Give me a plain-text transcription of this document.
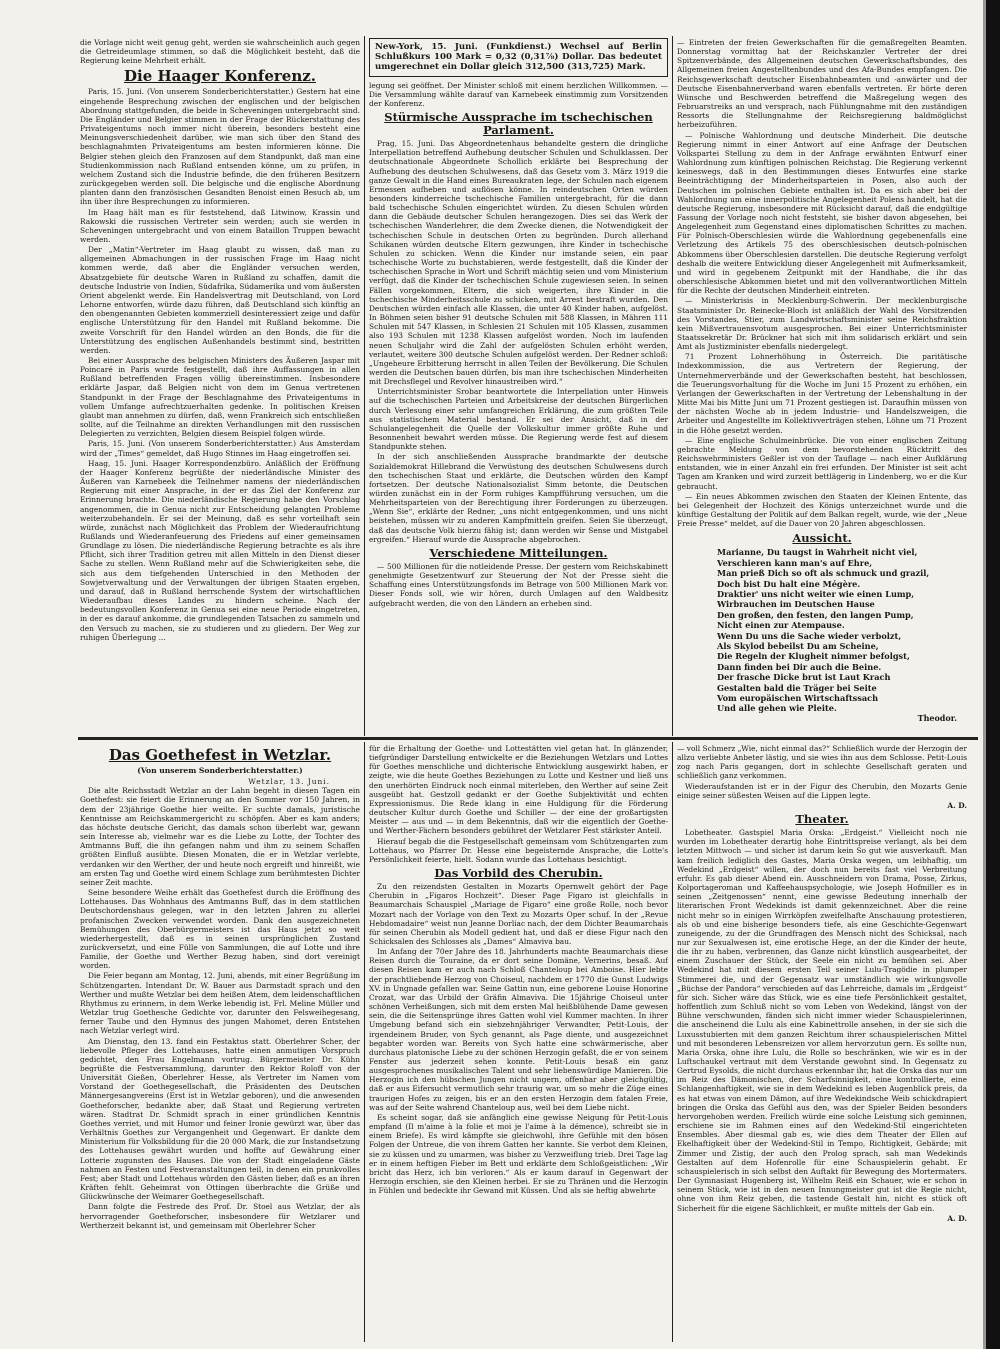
die Vorlage nicht weit genug geht, werden sie wahrscheinlich auch gegen die Getreideumlage stimmen, so daß die Möglichkeit besteht, daß die Regierung keine Mehrheit erhält.

Die Haager Konferenz.

Paris, 15. Juni. (Von unserem Sonderberichterstatter.) Gestern hat eine eingehende Besprechung zwischen der englischen und der belgischen Abordnung stattgefunden, die beide in Scheveningen untergebracht sind. Die Engländer und Belgier stimmen in der Frage der Rückerstattung des Privateigentums noch immer nicht überein, besonders besteht eine Meinungsverschiedenheit darüber, wie man sich über den Stand des beschlagnahmten Privateigentums am besten informieren könne. Die Belgier stehen gleich den Franzosen auf dem Standpunkt, daß man eine Studienkommission nach Rußland entsenden könne, um zu prüfen, in welchem Zustand sich die Industrie befinde, die den früheren Besitzern zurückgegeben werden soll. Die belgische und die englische Abordnung planten dann den französischen Gesandten Benoist einen Besuch ab, um ihn über ihre Besprechungen zu informieren.

Im Haag hält man es für feststehend, daß Litwinow, Krassin und Rakowski die russischen Vertreter sein werden; auch sie werden in Scheveningen untergebracht und von einem Bataillon Truppen bewacht werden.

Der „Matin“-Vertreter im Haag glaubt zu wissen, daß man zu allgemeinen Abmachungen in der russischen Frage im Haag nicht kommen werde, daß aber die Engländer versuchen werden, Absatzgebiete für deutsche Waren in Rußland zu schaffen, damit die deutsche Industrie von Indien, Südafrika, Südamerika und vom äußersten Orient abgelenkt werde. Ein Handelsvertrag mit Deutschland, von Lord Lehorne entworfen, würde dazu führen, daß Deutschland sich künftig an den obengenannten Gebieten kommerziell desinteressiert zeige und dafür englische Unterstützung für den Handel mit Rußland bekomme. Die zweite Vorschrift für den Handel würden an den Bonds, die für die Unterstützung des englischen Außenhandels bestimmt sind, bestritten werden.

Bei einer Aussprache des belgischen Ministers des Äußeren Jaspar mit Poincaré in Paris wurde festgestellt, daß ihre Auffassungen in allen Rußland betreffenden Fragen völlig übereinstimmen. Insbesondere erklärte Jaspar, daß Belgien nicht von dem im Genua vertretenen Standpunkt in der Frage der Beschlagnahme des Privateigentums in vollem Umfange aufrechtzuerhalten gedenke. In politischen Kreisen glaubt man annehmen zu dürfen, daß, wenn Frankreich sich entschließen sollte, auf die Teilnahme an direkten Verhandlungen mit den russischen Delegierten zu verzichten, Belgien diesem Beispiel folgen würde.

Paris, 15. Juni. (Von unserem Sonderberichterstatter.) Aus Amsterdam wird der „Times“ gemeldet, daß Hugo Stinnes im Haag eingetroffen sei.

Haag, 15. Juni. Haager Korrespondenzbüro. Anläßlich der Eröffnung der Haager Konferenz begrüßte der niederländische Minister des Äußeren van Karnebeek die Teilnehmer namens der niederländischen Regierung mit einer Ansprache, in der er das Ziel der Konferenz zur Erinnerung brachte. Die niederländische Regierung habe den Vorschlag angenommen, die in Genua nicht zur Entscheidung gelangten Probleme weiterzubehandeln. Er sei der Meinung, daß es sehr vorteilhaft sein würde, zunächst nach Möglichkeit das Problem der Wiederaufrichtung Rußlands und Wiederanfeuerung des Friedens auf einer gemeinsamen Grundlage zu lösen. Die niederländische Regierung betrachte es als ihre Pflicht, sich ihrer Tradition getreu mit allen Mitteln in den Dienst dieser Sache zu stellen. Wenn Rußland mehr auf die Schwierigkeiten sehe, die sich aus dem tiefgehenden Unterschied in den Methoden der Sowjetverwaltung und der Verwaltungen der übrigen Staaten ergeben, und darauf, daß in Rußland herrschende System der wirtschaftlichen Wiederaufbau dieses Landes zu hindern scheine. Nach der bedeutungsvollen Konferenz in Genua sei eine neue Periode eingetreten, in der es darauf ankomme, die grundlegenden Tatsachen zu sammeln und den Versuch zu machen, sie zu studieren und zu gliedern. Der Weg zur ruhigen Überlegung ...

New-York, 15. Juni. (Funkdienst.) Wechsel auf Berlin Schlußkurs 100 Mark = 0,32 (0,31⅞) Dollar. Das bedeutet umgerechnet ein Dollar gleich 312,500 (313,725) Mark.

legung sei geöffnet. Der Minister schloß mit einem herzlichen Willkommen. — Die Versammlung wählte darauf van Karnebeek einstimmig zum Vorsitzenden der Konferenz.

Stürmische Aussprache im tschechischen Parlament.

Prag, 15. Juni. Das Abgeordnetenhaus behandelte gestern die dringliche Interpellation betreffend Aufhebung deutscher Schulen und Schulklassen. Der deutschnationale Abgeordnete Schollich erklärte bei Besprechung der Aufhebung des deutschen Schulwesens, daß das Gesetz vom 3. März 1919 die ganze Gewalt in die Hand eines Bureaukraten lege, der Schulen nach eigenem Ermessen aufheben und auflösen könne. In reindeutschen Orten würden besonders kinderreiche tschechische Familien untergebracht, für die dann bald tschechische Schulen eingerichtet würden. Zu diesen Schulen würden dann die Gebäude deutscher Schulen herangezogen. Dies sei das Werk der tschechischen Wanderlehrer, die dem Zwecke dienen, die Notwendigkeit der tschechischen Schule in deutschen Orten zu begründen. Durch allerhand Schikanen würden deutsche Eltern gezwungen, ihre Kinder in tschechische Schulen zu schicken. Wenn die Kinder nur imstande seien, ein paar tschechische Worte zu buchstabieren, werde festgestellt, daß die Kinder der tschechischen Sprache in Wort und Schrift mächtig seien und vom Ministerium verfügt, daß die Kinder der tschechischen Schule zugewiesen seien. In seinen Fällen vorgekommen, Eltern, die sich weigerten, ihre Kinder in die tschechische Minderheitsschule zu schicken, mit Arrest bestraft wurden. Den Deutschen würden einfach alle Klassen, die unter 40 Kinder haben, aufgelöst. In Böhmen seien bisher 91 deutsche Schulen mit 588 Klassen, in Mähren 111 Schulen mit 547 Klassen, in Schlesien 21 Schulen mit 105 Klassen, zusammen also 193 Schulen mit 1238 Klassen aufgelöst worden. Noch im laufenden neuen Schuljahr wird die Zahl der aufgelösten Schulen erhöht werden, verlautet, weitere 300 deutsche Schulen aufgelöst werden. Der Redner schloß: „Ungeheure Erbitterung herrscht in allen Teilen der Bevölkerung. Die Schulen werden die Deutschen bauen dürfen, bis man ihre tschechischen Minderheiten mit Drechsflegel und Revolver hinaustreiben wird.“

Unterrichtsminister Srobar beantwortete die Interpellation unter Hinweis auf die tschechischen Parteien und Arbeitskreise der deutschen Bürgerlichen durch Verlesung einer sehr umfangreichen Erklärung, die zum größten Teile aus statistischem Material bestand. Er sei der Ansicht, daß in der Schulangelegenheit die Quelle der Volkskultur immer größte Ruhe und Besonnenheit bewahrt werden müsse. Die Regierung werde fest auf diesem Standpunkte stehen.

In der sich anschließenden Aussprache brandmarkte der deutsche Sozialdemokrat Hillebrand die Verwüstung des deutschen Schulwesens durch den tschechischen Staat und erklärte, die Deutschen würden den Kampf fortsetzen. Der deutsche Nationalsozialist Simm betonte, die Deutschen würden zunächst ein in der Form ruhiges Kampfführung versuchen, um die Mehrheitsparteien von der Berechtigung ihrer Forderungen zu überzeugen. „Wenn Sie“, erklärte der Redner, „uns nicht entgegenkommen, und uns nicht beistehen, müssen wir zu anderen Kampfmitteln greifen. Seien Sie überzeugt, daß das deutsche Volk hierzu fähig ist; dann werden wir Sense und Mistgabel ergreifen.“ Hierauf wurde die Aussprache abgebrochen.

Verschiedene Mitteilungen.

— 500 Millionen für die notleidende Presse. Der gestern vom Reichskabinett genehmigte Gesetzentwurf zur Steuerung der Not der Presse sieht die Schaffung eines Unterstützungsfonds im Betrage von 500 Millionen Mark vor. Dieser Fonds soll, wie wir hören, durch Umlagen auf den Waldbesitz aufgebracht werden, die von den Ländern an erheben sind.

— Eintreten der freien Gewerkschaften für die gemaßregelten Beamten. Donnerstag vormittag hat der Reichskanzler Vertreter der drei Spitzenverbände, des Allgemeinen deutschen Gewerkschaftsbundes, des Allgemeinen freien Angestelltenbundes und des Afa-Bundes empfangen. Die Reichsgewerkschaft deutscher Eisenbahnbeamten und -anwärter und der Deutsche Eisenbahnerverband waren ebenfalls vertreten. Er hörte deren Wünsche und Beschwerden betreffend die Maßregelung wegen des Februarstreiks an und versprach, nach Fühlungnahme mit den zuständigen Ressorts die Stellungnahme der Reichsregierung baldmöglichst herbeizuführen.

— Polnische Wahlordnung und deutsche Minderheit. Die deutsche Regierung nimmt in einer Antwort auf eine Anfrage der Deutschen Volkspartei Stellung zu dem in der Anfrage erwähnten Entwurf einer Wahlordnung zum künftigen polnischen Reichstag. Die Regierung verkennt keineswegs, daß in den Bestimmungen dieses Entwurfes eine starke Beeinträchtigung der Minderheitsparteien in Posen, also auch der Deutschen im polnischen Gebiete enthalten ist. Da es sich aber bei der Wahlordnung um eine innerpolitische Angelegenheit Polens handelt, hat die deutsche Regierung, insbesondere mit Rücksicht darauf, daß die endgültige Fassung der Vorlage noch nicht feststeht, sie bisher davon abgesehen, bei Angelegenheit zum Gegenstand eines diplomatischen Schrittes zu machen. Für Polnisch-Oberschlesien würde die Wahlordnung gegebenenfalls eine Verletzung des Artikels 75 des oberschlesischen deutsch-polnischen Abkommens über Oberschlesien darstellen. Die deutsche Regierung verfolgt deshalb die weitere Entwicklung dieser Angelegenheit mit Aufmerksamkeit, und wird in gegebenem Zeitpunkt mit der Handhabe, die ihr das oberschlesische Abkommen bietet und mit den vollverantwortlichen Mitteln für die Rechte der deutschen Minderheit eintreten.

— Ministerkrisis in Mecklenburg-Schwerin. Der mecklenburgische Staatsminister Dr. Reinecke-Bloch ist anläßlich der Wahl des Vorsitzenden des Vorstandes, Stier, zum Landwirtschaftsminister seine Reichsfraktion kein Mißvertrauensvotum ausgesprochen. Bei einer Unterrichtsminister Staatssekretär Dr. Brückner hat sich mit ihm solidarisch erklärt und sein Amt als Justizminister ebenfalls niedergelegt.

71 Prozent Lohnerhöhung in Österreich. Die paritätische Indexkommission, die aus Vertretern der Regierung, der Unternehmerverbände und der Gewerkschaften besteht, hat beschlossen, die Teuerungsvorhaltung für die Woche im Juni 15 Prozent zu erhöhen, ein Verlangen der Gewerkschaften in der Vertretung der Lebenshaltung in der Mitte Mai bis Mitte Juni um 71 Prozent gestiegen ist. Daraufhin müssen von der nächsten Woche ab in jedem Industrie- und Handelszweigen, die Arbeiter und Angestellte im Kollektivverträgen stehen, Löhne um 71 Prozent in die Höhe gesetzt werden.

— Eine englische Schulmeinbrücke. Die von einer englischen Zeitung gebrachte Meldung von dem bevorstehenden Rücktritt des Reichswehrministers Geßler ist von der Tauflage — nach einer Aufklärung entstanden, wie in einer Anzahl ein frei erfunden. Der Minister ist seit acht Tagen am Kranken und wird zurzeit bettlägerig in Lindenberg, wo er die Kur gebraucht.

— Ein neues Abkommen zwischen den Staaten der Kleinen Entente, das bei Gelegenheit der Hochzeit des Königs unterzeichnet wurde und die künftige Gestaltung der Politik auf dem Balkan regelt, wurde, wie der „Neue Freie Presse“ meldet, auf die Dauer von 20 Jahren abgeschlossen.

Aussicht.
Marianne, Du taugst in Wahrheit nicht viel,
Verschieren kann man's auf Ehre,
Man prieß Dich so oft als schmuck und grazil,
Doch bist Du halt eine Mégère.
Draktier' uns nicht weiter wie einen Lump,
Wirbrauchen im Deutschen Hause
Den großen, den festen, den langen Pump,
Nicht einen zur Atempause.
Wenn Du uns die Sache wieder verbolzt,
Als Skylod bebeilst Du am Scheine,
Die Regeln der Klugheit nimmer befolgst,
Dann finden bei Dir auch die Beine.
Der frasche Dicke brut ist Laut Krach
Gestalten bald die Träger bei Seite
Vom europäischen Wirtschaftssach
Und alle gehen wie Pleite.
Theodor.
Das Goethefest in Wetzlar.
(Von unserem Sonderberichterstatter.)
Wetzlar, 13. Juni.

Die alte Reichsstadt Wetzlar an der Lahn begeht in diesen Tagen ein Goethefest: sie feiert die Erinnerung an den Sommer vor 150 Jahren, in dem der 23jährige Goethe hier weilte. Er suchte damals, juristische Kenntnisse am Reichskammergericht zu schöpfen. Aber es kam anders; das höchste deutsche Gericht, das damals schon überlebt war, gewann sein Interesse ab, vielmehr war es die Liebe zu Lotte, der Tochter des Amtmanns Buff, die ihn gefangen nahm und ihm zu seinem Schaffen größten Einfluß ausübte. Diesen Monaten, die er in Wetzlar verlebte, verdanken wir den Werther, der und heute noch ergreift und hinreißt, wie am ersten Tag und Goethe wird einem Schlage zum berühmtesten Dichter seiner Zeit machte.

Seine besondere Weihe erhält das Goethefest durch die Eröffnung des Lottehauses. Das Wohnhaus des Amtmanns Buff, das in dem stattlichen Deutschordenshaus gelegen, war in den letzten Jahren zu allerlei profanischen Zwecken verwendet worden. Dank den ausgezeichneten Bemühungen des Oberbürgermeisters ist das Haus jetzt so weit wiederhergestellt, daß es in seinen ursprünglichen Zustand zurückversetzt, und eine Fülle von Sammlungen, die auf Lotte und ihre Familie, der Goethe und Werther Bezug haben, sind dort vereinigt worden.

Die Feier begann am Montag, 12. Juni, abends, mit einer Begrüßung im Schützengarten. Intendant Dr. W. Bauer aus Darmstadt sprach und den Werther und mußte Wetzlar bei dem heißen Atem, dem leidenschaftlichen Rhythmus zu erinnern, in dem Werke lebendig ist. Frl. Meline Müller und Wetzlar trug Goethesche Gedichte vor, darunter den Felsweihegesang, ferner Taube und den Hymnus des jungen Mahomet, deren Entstehen nach Wetzlar verlegt wird.

Am Dienstag, den 13. fand ein Festaktus statt. Oberlehrer Scher, der liebevolle Pfleger des Lottehauses, hatte einen anmutigen Vorspruch gedichtet, den Frau Engelmann vortrug. Bürgermeister Dr. Kühn begrüßte die Festversammlung, darunter den Rektor Roloff von der Universität Gießen, Oberlehrer Hesse, als Vertreter im Namen vom Vorstand der Goethegesellschaft, die Präsidenten des Deutschen Männergesangvereins (Erst ist in Wetzlar geboren), und die anwesenden Goetheforscher, bedankte aber, daß Staat und Regierung vertreten wären. Stadtrat Dr. Schmidt sprach in einer gründlichen Kenntnis Goethes verriet, und mit Humor und feiner Ironie gewürzt war, über das Verhältnis Goethes zur Vergangenheit und Gegenwart. Er dankte dem Ministerium für Volksbildung für die 20 000 Mark, die zur Instandsetzung des Lottehauses gewährt wurden und hoffte auf Gewährung einer Lotterie zugunsten des Hauses. Die von der Stadt eingeladene Gäste nahmen an Festen und Festveranstaltungen teil, in denen ein prunkvolles Fest; aber Stadt und Lottehaus würden den Gästen lieber, daß es an ihren Kräften fehlt. Geheimrat von Ottingen überbrachte die Grüße und Glückwünsche der Weimarer Goethegesellschaft.

Dann folgte die Festrede des Prof. Dr. Stoel aus Wetzlar, der als hervorragender Goetheforscher, insbesondere für Wetzlarer und Wertherzeit bekannt ist, und gemeinsam mit Oberlehrer Scher

für die Erhaltung der Goethe- und Lottestätten viel getan hat. In glänzender, tiefgründiger Darstellung entwickelte er die Beziehungen Wetzlars und Lottes für Goethes menschliche und dichterische Entwicklung ausgewirkt haben, er zeigte, wie die heute Goethes Beziehungen zu Lotte und Kestner und ließ uns den unerhörten Eindruck noch einmal miterleben, den Werther auf seine Zeit ausgeübt hat. Gestzoll gedankt er der Goethe Subjektivität und echten Expressionismus. Die Rede klang in eine Huldigung für die Förderung deutscher Kultur durch Goethe und Schiller — der eine der großartigsten Meister — aus und — in dem Bekenntnis, daß wir die eigentlich der Goethe- und Werther-Fächern besonders gebühret der Wetzlarer Fest stärkster Anteil.

Hierauf begab die die Festgesellschaft gemeinsam vom Schützengarten zum Lottehaus, wo Pfarrer Dr. Hesse eine begeisternde Ansprache, die Lotte's Persönlichkeit feierte, hielt. Sodann wurde das Lottehaus besichtigt.

Das Vorbild des Cherubin.

Zu den reizendsten Gestalten in Mozarts Opernwelt gehört der Page Cherubin in „Figaros Hochzeit“. Dieser Page Figaro ist gleichfalls in Beaumarchais Schauspiel „Mariage de Figaro“ eine große Rolle, noch bevor Mozart nach der Vorlage von den Text zu Mozarts Oper schuf. In der „Revue Hebdomadaire“ weist nun Jeanne Dorliac nach, der dem Dichter Beaumarchais für seinen Cherubin als Modell gedient hat, und daß er diese Figur nach den Schicksalen des Schlosses als „Dames“ Almaviva bau.

Im Anfang der 70er Jahre des 18. Jahrhunderts machte Beaumarchais diese Reisen durch die Touraine, da er dort seine Domäne, Vernerins, besaß. Auf diesen Reisen kam er auch nach Schloß Chanteloup bei Amboise. Hier lebte der prachtliebende Herzog von Choiseul, nachdem er 1770 die Gunst Ludwigs XV. in Ungnade gefallen war. Seine Gattin nun, eine geborene Louise Honorine Crozat, war das Urbild der Gräfin Almaviva. Die 15jährige Choiseul unter schönen Verheißungen, sich mit dem ersten Mal heißblühende Dame gewesen sein, die die Seitensprünge ihres Gatten wohl viel Kummer machten. In ihrer Umgebung befand sich ein siebzehnjähriger Verwandter, Petit-Louis, der irgendeinem Bruder, von Sych genannt, als Page diente, und ausgezeichnet begabter worden war. Bereits von Sych hatte eine schwärmerische, aber durchaus platonische Liebe zu der schönen Herzogin gefaßt, die er von seinem Fenster aus jederzeit sehen konnte. Petit-Louis besaß ein ganz ausgesprochenes musikalisches Talent und sehr liebenswürdige Manieren. Die Herzogin ich den hübschen Jungen nicht ungern, offenbar aber gleichgültig, daß er aus Eifersucht vermutlich sehr traurig war, um so mehr die Züge eines traurigen Hofes zu zeigen, bis er an den ersten Herzogin dem fatalen Freie, was auf der Seite wahrend Chanteloup aus, weil bei dem Liebe nicht.

Es scheint sogar, daß sie anfänglich eine gewisse Neigung für Petit-Louis empfand (Il m'aime à la folie et moi je l'aime à la démence), schreibt sie in einem Briefe). Es wird kämpfte sie gleichwohl, ihre Gefühle mit den bösen Folgen der Untreue, die von ihrem Gatten her kannte. Sie verbot dem Kleinen, sie zu küssen und zu umarmen, was bisher zu Verzweiflung trieb. Drei Tage lag er in einem heftigen Fieber im Bett und erklärte dem Schloßgeistlichen: „Wir bricht das Herz, ich bin verloren.“ Als er kaum darauf in Gegenwart der Herzogin erschien, sie den Kleinen herbei. Er sie zu Thränen und die Herzogin in Fühlen und bedeckte ihr Gewand mit Küssen. Und als sie heftig abwehrte

— voll Schmerz „Wie, nicht einmal das?“ Schließlich wurde der Herzogin der allzu verliebte Anbeter lästig, und sie wies ihn aus dem Schlosse. Petit-Louis zog nach Paris gegangen, dort in schlechte Gesellschaft geraten und schließlich ganz verkommen.

Wiederaufstanden ist er in der Figur des Cherubin, den Mozarts Genie einige seiner süßesten Weisen auf die Lippen legte.

A. D.
Theater.

Lobetheater. Gastspiel Maria Orska: „Erdgeist.“ Vielleicht noch nie wurden im Lobetheater derartig hohe Eintrittspreise verlangt, als bei dem letzten Mittwoch — und sicher ist darum kein So gut wie ausverkauft. Man kam freilich lediglich des Gastes, Maria Orska wegen, um leibhaftig, um Wedekind „Erdgeist“ willen, der doch nun bereits fast viel Verbreitung erfuhr. Es gab dieser Abend ein. Ausschneidern von Drama, Posse, Zirkus, Kolportageroman und Kaffeehauspsychologie, wie Joseph Hofmiller es in seinen „Zeitgenossen“ nennt, eine gewisse Bedeutung innerhalb der literarischen Front Wedekinds ist damit gekennzeichnet. Aber die reine nicht mehr so in einigen Wirrköpfen zweifelhafte Anschauung protestieren, als ob und eine bisherige besonders tiefe, als eine Geschichte-Gegenwart zuneigende, zu der die Grundfragen des Mensch nicht des Schicksal, nach nur zur Sexualwesen ist, eine erotische Hege, an der die Kinder der heute, die ihr zu haben, verbrennen, das Ganze nicht künstlich ausgearbeitet, der einem Zuschauer der Stück, der Seele ein nicht zu bemühen sei. Aber Wedekind hat mit diesem ersten Teil seiner Lulu-Tragödie in plumper Stimmerei die, und der Gegensatz war umständlich wie wirkungsvolle „Büchse der Pandora“ verschieden auf das Lehrreiche, damals im „Erdgeist“ für sich. Sicher wäre das Stück, wie es eine tiefe Persönlichkeit gestaltet, hoffentlich zum Schluß nicht so vom Leben von Wedekind, längst von der Bühne verschwunden, fänden sich nicht immer wieder Schauspielerinnen, die anscheinend die Lulu als eine Kabinettrolle ansehen, in der sie sich die Luxusstubierten mit dem ganzen Reichtum ihrer schauspielerischen Mittel und mit besonderen Lebensreizen vor allem hervorzutun gern. Es sollte nun, Maria Orska, ohne ihre Lulu, die Rolle so beschränken, wie wir es in der Luftschaukel vertraut mit dem Verstande gewohnt sind. In Gegensatz zu Gertrud Eysolds, die nicht durchaus erkennbar ihr, hat die Orska das nur um im Reiz des Dämonischen, der Scharfsinnigkeit, eine kontrollierte, eine Schlangenhaftigkeit, wie sie in dem Wedekind es leben Augenblick preis, da es hat etwas von einem Dämon, auf ihre Wedekindsche Weib schickdrapiert bringen die Orska das Gefühl aus den, was der Spieler Beiden besonders hervorgehoben werden. Freilich würde eine solche Leistung sich geminnen, erschiene sie im Rahmen eines auf den Wedekind-Stil eingerichteten Ensembles. Aber diesmal gab es, wie dies dem Theater der Ellen auf Ekelhaftigkeit über der Wedekind-Stil in Tempo, Richtigkeit, Gebärde; mit Zimmer und Zistig, der auch den Prolog sprach, sah man Wedekinds Gestalten auf dem Hofenrolle für eine Schauspielerin gehabt. Er schauspielerisch in sich selbst den Auftakt für Bewegung des Mortermaters. Der Gymnasiast Hugenberg ist, Wilhelm Reiß ein Schauer, wie er schon in seinem Stück, wie ist in den neuen Innungmeister gut ist die Regie nicht, ohne von ihm Reiz geben, die tastende Gestalt hin, nicht es stück oft Sicherheit für die eigene Sächlichkeit, er mußte mittels der Gab ein.

A. D.
